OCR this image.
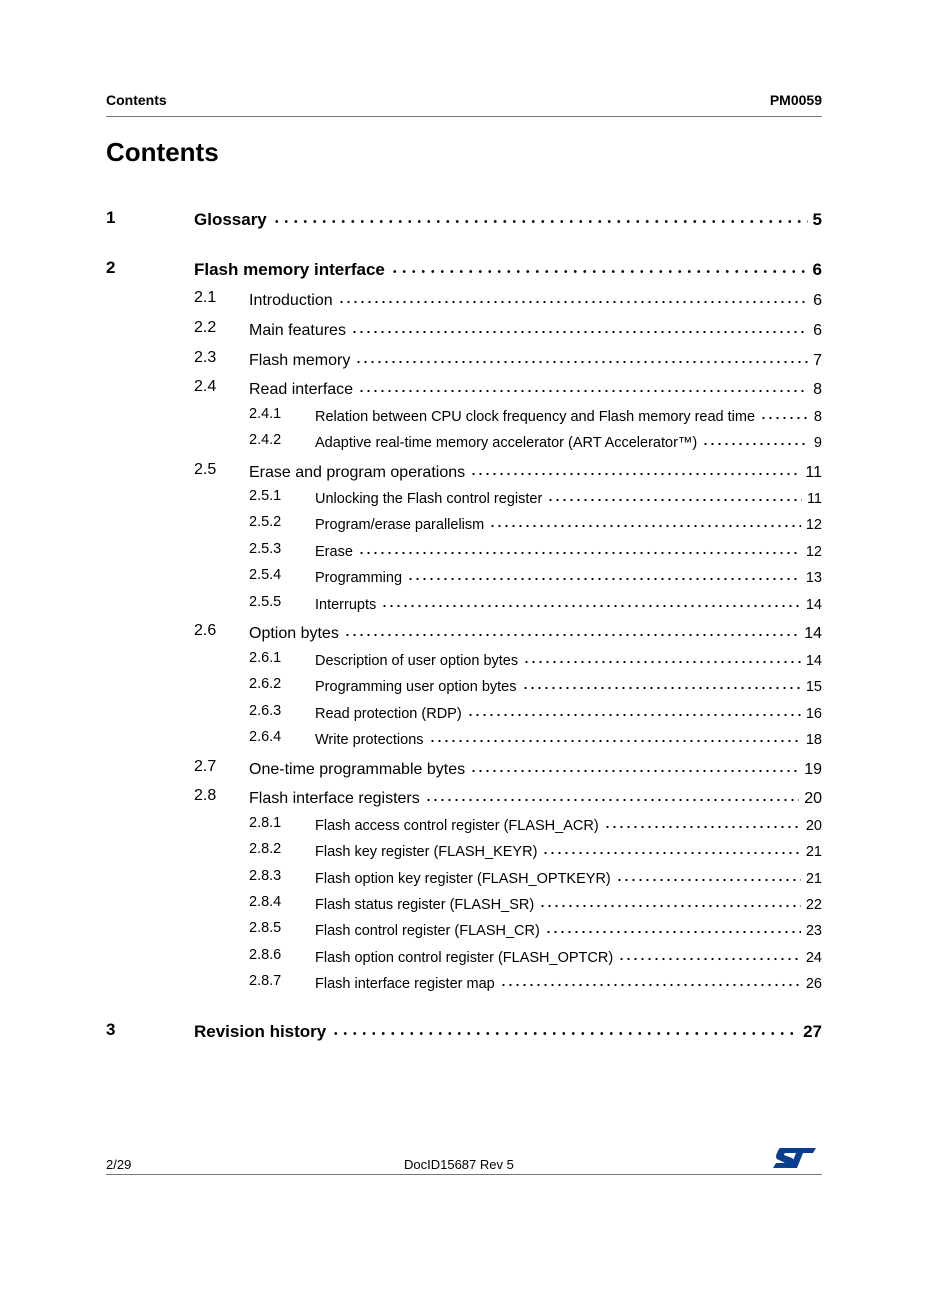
Contents	PM0059
Contents
1	Glossary	5
2	Flash memory interface	6
2.1 Introduction	6
2.2 Main features	6
2.3 Flash memory	7
2.4 Read interface	8
2.4.1 Relation between CPU clock frequency and Flash memory read time	8
2.4.2 Adaptive real-time memory accelerator (ART Accelerator™)	9
2.5 Erase and program operations	11
2.5.1 Unlocking the Flash control register	11
2.5.2 Program/erase parallelism	12
2.5.3 Erase	12
2.5.4 Programming	13
2.5.5 Interrupts	14
2.6 Option bytes	14
2.6.1 Description of user option bytes	14
2.6.2 Programming user option bytes	15
2.6.3 Read protection (RDP)	16
2.6.4 Write protections	18
2.7 One-time programmable bytes	19
2.8 Flash interface registers	20
2.8.1 Flash access control register (FLASH_ACR)	20
2.8.2 Flash key register (FLASH_KEYR)	21
2.8.3 Flash option key register (FLASH_OPTKEYR)	21
2.8.4 Flash status register (FLASH_SR)	22
2.8.5 Flash control register (FLASH_CR)	23
2.8.6 Flash option control register (FLASH_OPTCR)	24
2.8.7 Flash interface register map	26
3	Revision history	27
2/29	DocID15687 Rev 5
